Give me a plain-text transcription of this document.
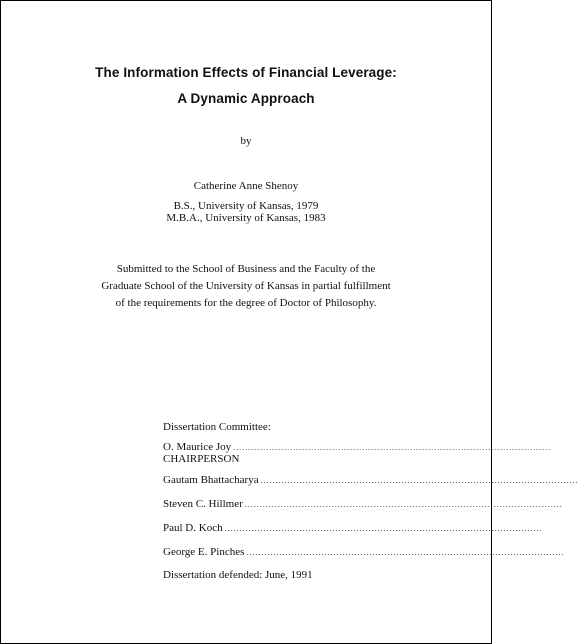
The Information Effects of Financial Leverage:
A Dynamic Approach
by
Catherine Anne Shenoy
B.S., University of Kansas, 1979
M.B.A., University of Kansas, 1983
Submitted to the School of Business and the Faculty of the
Graduate School of the University of Kansas in partial fulfillment
of the requirements for the degree of Doctor of Philosophy.
Dissertation Committee:
O. Maurice Joy ..........................................................................................................
CHAIRPERSON
Gautam Bhattacharya ..........................................................................................................
Steven C. Hillmer ..........................................................................................................
Paul D. Koch ..........................................................................................................
George E. Pinches ..........................................................................................................
Dissertation defended: June, 1991
